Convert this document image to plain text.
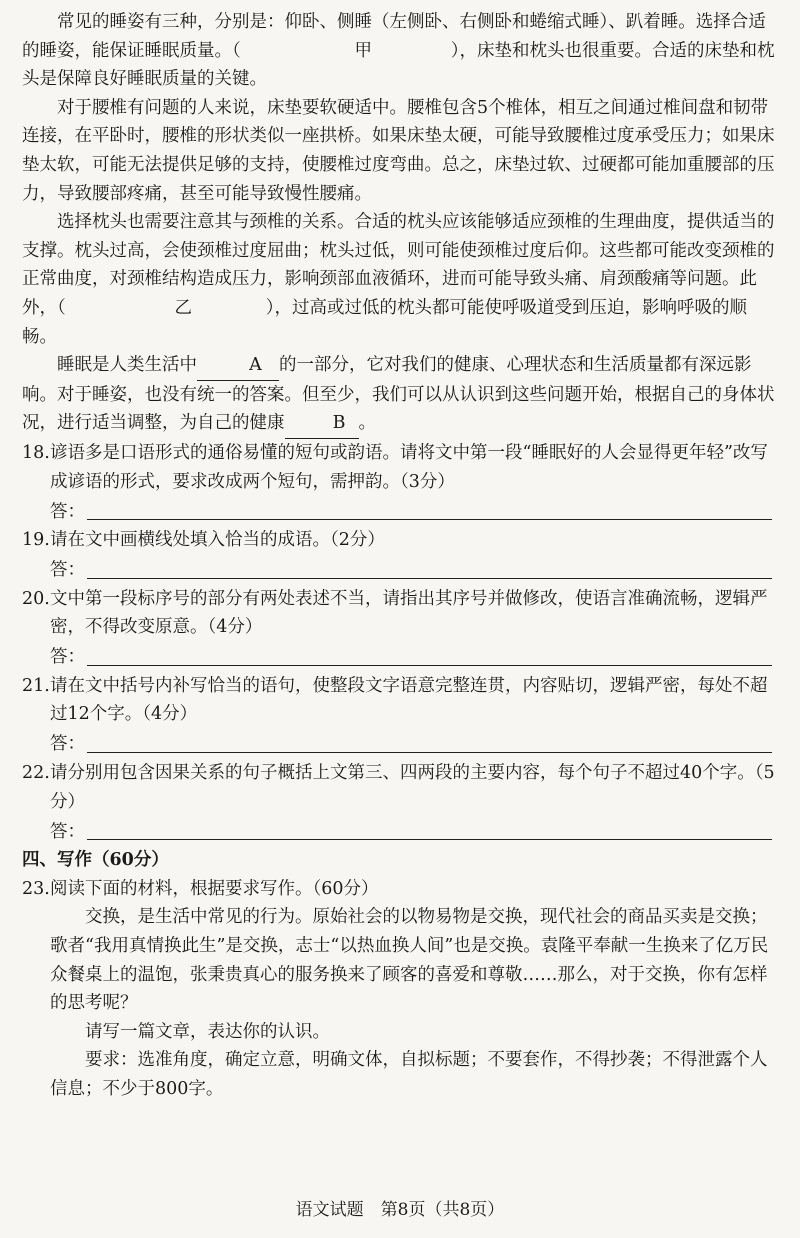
常见的睡姿有三种，分别是：仰卧、侧睡（左侧卧、右侧卧和蜷缩式睡）、趴着睡。选择合适的睡姿，能保证睡眠质量。（	甲	），床垫和枕头也很重要。合适的床垫和枕头是保障良好睡眠质量的关键。

对于腰椎有问题的人来说，床垫要软硬适中。腰椎包含5个椎体，相互之间通过椎间盘和韧带连接，在平卧时，腰椎的形状类似一座拱桥。如果床垫太硬，可能导致腰椎过度承受压力；如果床垫太软，可能无法提供足够的支持，使腰椎过度弯曲。总之，床垫过软、过硬都可能加重腰部的压力，导致腰部疼痛，甚至可能导致慢性腰痛。

选择枕头也需要注意其与颈椎的关系。合适的枕头应该能够适应颈椎的生理曲度，提供适当的支撑。枕头过高，会使颈椎过度屈曲；枕头过低，则可能使颈椎过度后仰。这些都可能改变颈椎的正常曲度，对颈椎结构造成压力，影响颈部血液循环，进而可能导致头痛、肩颈酸痛等问题。此外，（	乙	），过高或过低的枕头都可能使呼吸道受到压迫，影响呼吸的顺畅。

睡眠是人类生活中	A 的一部分，它对我们的健康、心理状态和生活质量都有深远影响。对于睡姿，也没有统一的答案。但至少，我们可以从认识到这些问题开始，根据自己的身体状况，进行适当调整，为自己的健康	B 。

18.谚语多是口语形式的通俗易懂的短句或韵语。请将文中第一段“睡眠好的人会显得更年轻”改写成谚语的形式，要求改成两个短句，需押韵。（3分）

答：

19.请在文中画横线处填入恰当的成语。（2分）

答：

20.文中第一段标序号的部分有两处表述不当，请指出其序号并做修改，使语言准确流畅，逻辑严密，不得改变原意。（4分）

答：

21.请在文中括号内补写恰当的语句，使整段文字语意完整连贯，内容贴切，逻辑严密，每处不超过12个字。（4分）

答：

22.请分别用包含因果关系的句子概括上文第三、四两段的主要内容，每个句子不超过40个字。（5分）

答：

四、写作（60分）

23.阅读下面的材料，根据要求写作。（60分）

交换，是生活中常见的行为。原始社会的以物易物是交换，现代社会的商品买卖是交换；歌者“我用真情换此生”是交换，志士“以热血换人间”也是交换。袁隆平奉献一生换来了亿万民众餐桌上的温饱，张秉贵真心的服务换来了顾客的喜爱和尊敬……那么，对于交换，你有怎样的思考呢？

请写一篇文章，表达你的认识。

要求：选准角度，确定立意，明确文体，自拟标题；不要套作，不得抄袭；不得泄露个人信息；不少于800字。

语文试题　第8页（共8页）
